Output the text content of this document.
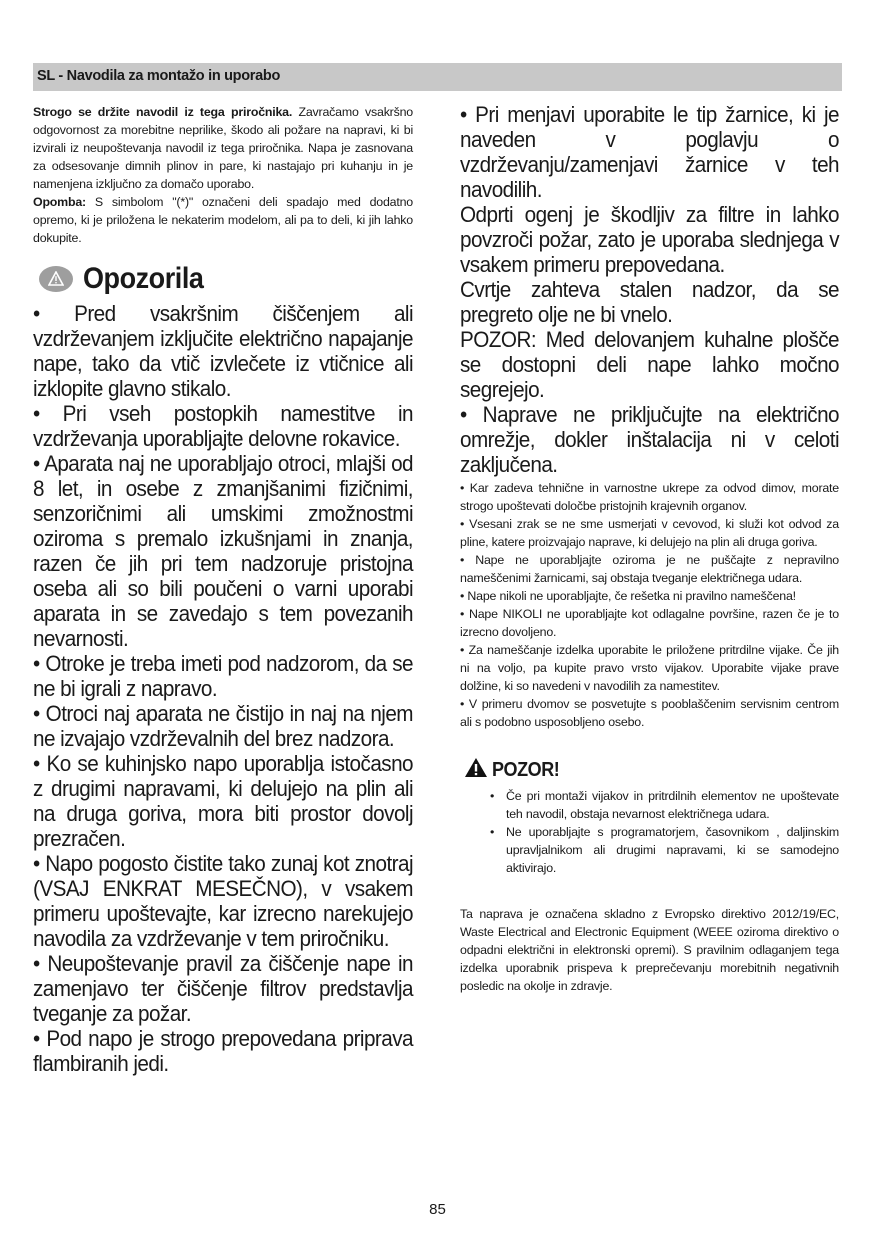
SL - Navodila za montažo in uporabo

Strogo se držite navodil iz tega priročnika. Zavračamo vsakršno odgovornost za morebitne neprilike, škodo ali požare na napravi, ki bi izvirali iz neupoštevanja navodil iz tega priročnika. Napa je zasnovana za odsesovanje dimnih plinov in pare, ki nastajajo pri kuhanju in je namenjena izključno za domačo uporabo.

Opomba: S simbolom "(*)" označeni deli spadajo med dodatno opremo, ki je priložena le nekaterim modelom, ali pa to deli, ki jih lahko dokupite.

Opozorila

• Pred vsakršnim čiščenjem ali vzdrževanjem izključite električno napajanje nape, tako da vtič izvlečete iz vtičnice ali izklopite glavno stikalo.

• Pri vseh postopkih namestitve in vzdrževanja uporabljajte delovne rokavice.

• Aparata naj ne uporabljajo otroci, mlajši od 8 let, in osebe z zmanjšanimi fizičnimi, senzoričnimi ali umskimi zmožnostmi oziroma s premalo izkušnjami in znanja, razen če jih pri tem nadzoruje pristojna oseba ali so bili poučeni o varni uporabi aparata in se zavedajo s tem povezanih nevarnosti.

• Otroke je treba imeti pod nadzorom, da se ne bi igrali z napravo.

• Otroci naj aparata ne čistijo in naj na njem ne izvajajo vzdrževalnih del brez nadzora.

• Ko se kuhinjsko napo uporablja istočasno z drugimi napravami, ki delujejo na plin ali na druga goriva, mora biti prostor dovolj prezračen.

• Napo pogosto čistite tako zunaj kot znotraj (VSAJ ENKRAT MESEČNO), v vsakem primeru upoštevajte, kar izrecno narekujejo navodila za vzdrževanje v tem priročniku.

• Neupoštevanje pravil za čiščenje nape in zamenjavo ter čiščenje filtrov predstavlja tveganje za požar.

• Pod napo je strogo prepovedana priprava flambiranih jedi.

• Pri menjavi uporabite le tip žarnice, ki je naveden v poglavju o vzdrževanju/zamenjavi žarnice v teh navodilih.

Odprti ogenj je škodljiv za filtre in lahko povzroči požar, zato je uporaba slednjega v vsakem primeru prepovedana.

Cvrtje zahteva stalen nadzor, da se pregreto olje ne bi vnelo.

POZOR: Med delovanjem kuhalne plošče se dostopni deli nape lahko močno segrejejo.

• Naprave ne priključujte na električno omrežje, dokler inštalacija ni v celoti zaključena.

• Kar zadeva tehnične in varnostne ukrepe za odvod dimov, morate strogo upoštevati določbe pristojnih krajevnih organov.

• Vsesani zrak se ne sme usmerjati v cevovod, ki služi kot odvod za pline, katere proizvajajo naprave, ki delujejo na plin ali druga goriva.

• Nape ne uporabljajte oziroma je ne puščajte z nepravilno nameščenimi žarnicami, saj obstaja tveganje električnega udara.

• Nape nikoli ne uporabljajte, če rešetka ni pravilno nameščena!

• Nape NIKOLI ne uporabljajte kot odlagalne površine, razen če je to izrecno dovoljeno.

• Za nameščanje izdelka uporabite le priložene pritrdilne vijake. Če jih ni na voljo, pa kupite pravo vrsto vijakov. Uporabite vijake prave dolžine, ki so navedeni v navodilih za namestitev.

• V primeru dvomov se posvetujte s pooblaščenim servisnim centrom ali s podobno usposobljeno osebo.

POZOR!
• Če pri montaži vijakov in pritrdilnih elementov ne upoštevate teh navodil, obstaja nevarnost električnega udara.
• Ne uporabljajte s programatorjem, časovnikom , daljinskim upravljalnikom ali drugimi napravami, ki se samodejno aktivirajo.

Ta naprava je označena skladno z Evropsko direktivo 2012/19/EC, Waste Electrical and Electronic Equipment (WEEE oziroma direktivo o odpadni električni in elektronski opremi). S pravilnim odlaganjem tega izdelka uporabnik prispeva k preprečevanju morebitnih negativnih posledic na okolje in zdravje.

85
